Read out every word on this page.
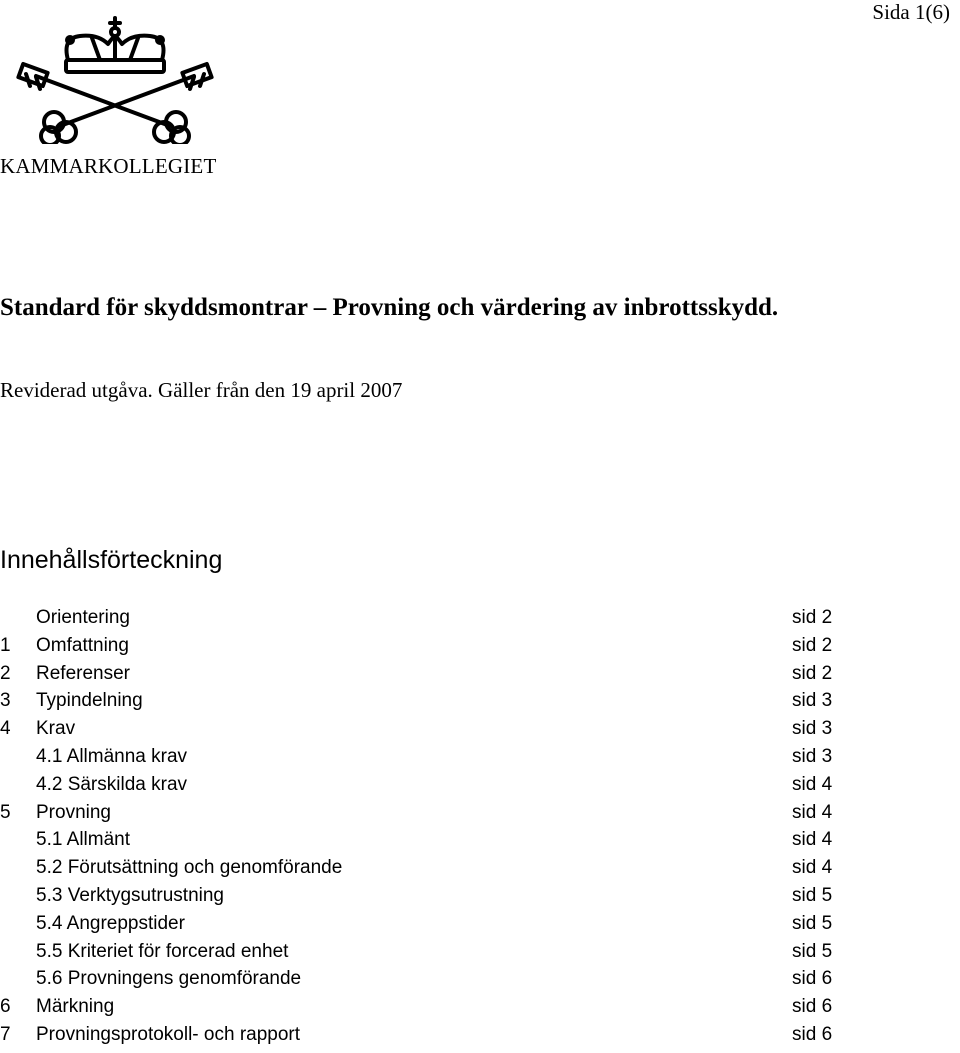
Sida 1(6)
KAMMARKOLLEGIET
Standard för skyddsmontrar – Provning och värdering av inbrottsskydd.
Reviderad utgåva. Gäller från den 19 april 2007
Innehållsförteckning
Orientering	sid 2
1 Omfattning	sid 2
2 Referenser	sid 2
3 Typindelning	sid 3
4 Krav	sid 3
4.1 Allmänna krav	sid 3
4.2 Särskilda krav	sid 4
5 Provning	sid 4
5.1 Allmänt	sid 4
5.2 Förutsättning och genomförande	sid 4
5.3 Verktygsutrustning	sid 5
5.4 Angreppstider	sid 5
5.5 Kriteriet för forcerad enhet	sid 5
5.6 Provningens genomförande	sid 6
6 Märkning	sid 6
7 Provningsprotokoll- och rapport	sid 6
